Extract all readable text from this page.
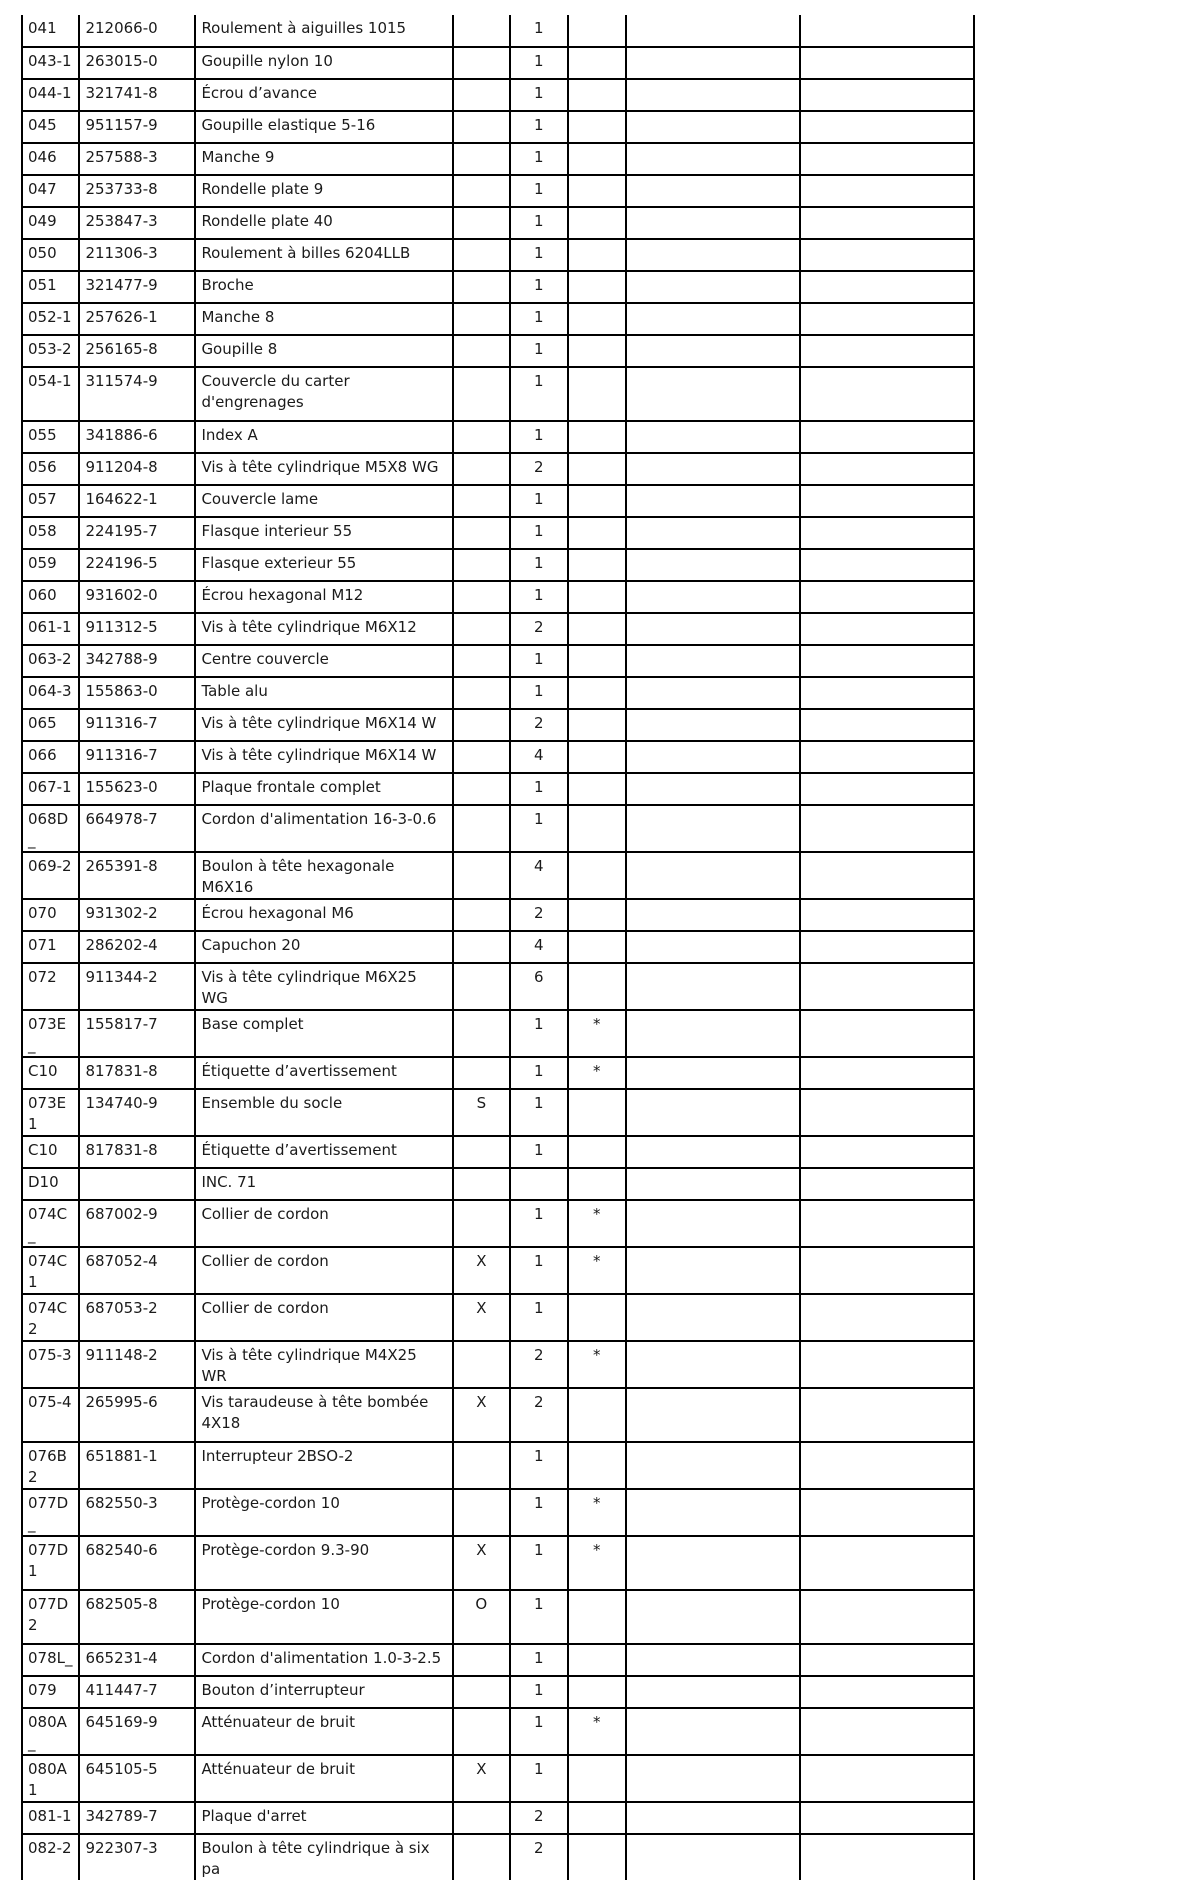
041	212066-0	Roulement à aiguilles 1015		1			
043-1	263015-0	Goupille nylon 10		1			
044-1	321741-8	Écrou d’avance		1			
045	951157-9	Goupille elastique 5-16		1			
046	257588-3	Manche 9		1			
047	253733-8	Rondelle plate 9		1			
049	253847-3	Rondelle plate 40		1			
050	211306-3	Roulement à billes 6204LLB		1			
051	321477-9	Broche		1			
052-1	257626-1	Manche 8		1			
053-2	256165-8	Goupille 8		1			
054-1	311574-9	Couvercle du carter d'engrenages		1			
055	341886-6	Index A		1			
056	911204-8	Vis à tête cylindrique M5X8 WG		2			
057	164622-1	Couvercle lame		1			
058	224195-7	Flasque interieur 55		1			
059	224196-5	Flasque exterieur 55		1			
060	931602-0	Écrou hexagonal M12		1			
061-1	911312-5	Vis à tête cylindrique M6X12		2			
063-2	342788-9	Centre couvercle		1			
064-3	155863-0	Table alu		1			
065	911316-7	Vis à tête cylindrique M6X14 W		2			
066	911316-7	Vis à tête cylindrique M6X14 W		4			
067-1	155623-0	Plaque frontale complet		1			
068D_	664978-7	Cordon d'alimentation 16-3-0.6		1			
069-2	265391-8	Boulon à tête hexagonale M6X16		4			
070	931302-2	Écrou hexagonal M6		2			
071	286202-4	Capuchon 20		4			
072	911344-2	Vis à tête cylindrique M6X25 WG		6			
073E_	155817-7	Base complet		1	*		
C10	817831-8	Étiquette d’avertissement		1	*		
073E1	134740-9	Ensemble du socle	S	1			
C10	817831-8	Étiquette d’avertissement		1			
D10		INC. 71					
074C_	687002-9	Collier de cordon		1	*		
074C1	687052-4	Collier de cordon	X	1	*		
074C2	687053-2	Collier de cordon	X	1			
075-3	911148-2	Vis à tête cylindrique M4X25 WR		2	*		
075-4	265995-6	Vis taraudeuse à tête bombée 4X18	X	2			
076B2	651881-1	Interrupteur 2BSO-2		1			
077D_	682550-3	Protège-cordon 10		1	*		
077D1	682540-6	Protège-cordon 9.3-90	X	1	*		
077D2	682505-8	Protège-cordon 10	O	1			
078L_	665231-4	Cordon d'alimentation 1.0-3-2.5		1			
079	411447-7	Bouton d’interrupteur		1			
080A_	645169-9	Atténuateur de bruit		1	*		
080A1	645105-5	Atténuateur de bruit	X	1			
081-1	342789-7	Plaque d'arret		2			
082-2	922307-3	Boulon à tête cylindrique à six pa		2			
